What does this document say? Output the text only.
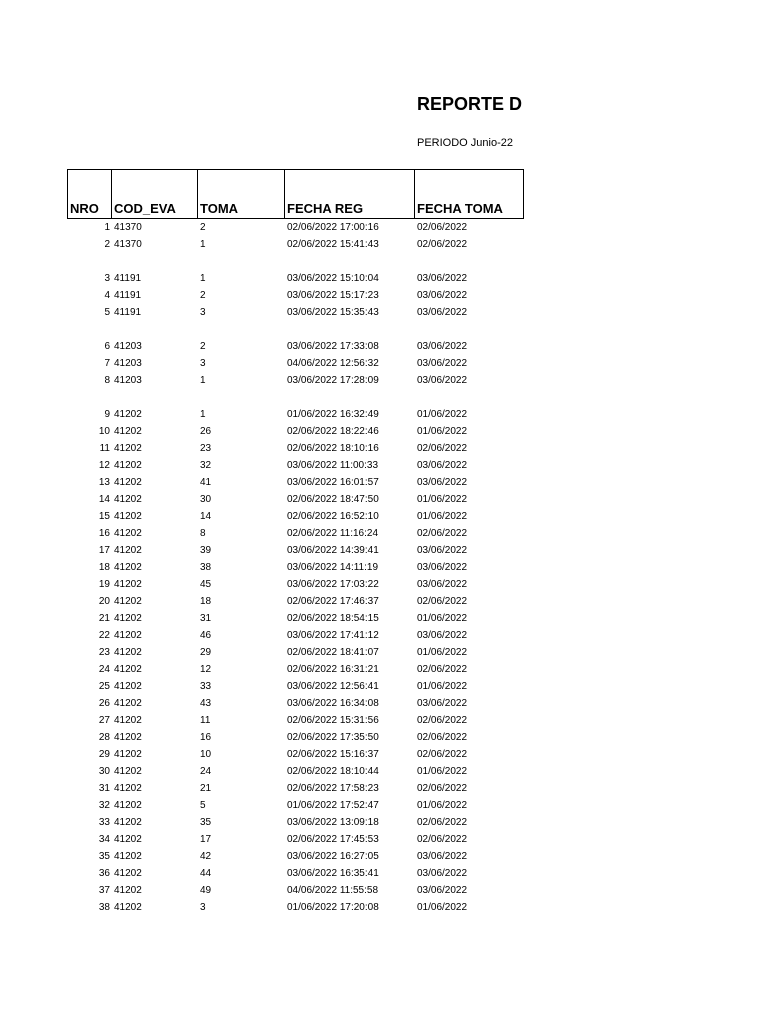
REPORTE D
PERIODO Junio-22
NRO COD_EVA TOMA	FECHA REG	FECHA TOMA
1 41370	2	02/06/2022 17:00:16	02/06/2022
2 41370	1	02/06/2022 15:41:43	02/06/2022
3 41191	1	03/06/2022 15:10:04	03/06/2022
4 41191	2	03/06/2022 15:17:23	03/06/2022
5 41191	3	03/06/2022 15:35:43	03/06/2022
6 41203	2	03/06/2022 17:33:08	03/06/2022
7 41203	3	04/06/2022 12:56:32	03/06/2022
8 41203	1	03/06/2022 17:28:09	03/06/2022
9 41202	1	01/06/2022 16:32:49	01/06/2022
10 41202	26	02/06/2022 18:22:46	01/06/2022
11 41202	23	02/06/2022 18:10:16	02/06/2022
12 41202	32	03/06/2022 11:00:33	03/06/2022
13 41202	41	03/06/2022 16:01:57	03/06/2022
14 41202	30	02/06/2022 18:47:50	01/06/2022
15 41202	14	02/06/2022 16:52:10	01/06/2022
16 41202	8	02/06/2022 11:16:24	02/06/2022
17 41202	39	03/06/2022 14:39:41	03/06/2022
18 41202	38	03/06/2022 14:11:19	03/06/2022
19 41202	45	03/06/2022 17:03:22	03/06/2022
20 41202	18	02/06/2022 17:46:37	02/06/2022
21 41202	31	02/06/2022 18:54:15	01/06/2022
22 41202	46	03/06/2022 17:41:12	03/06/2022
23 41202	29	02/06/2022 18:41:07	01/06/2022
24 41202	12	02/06/2022 16:31:21	02/06/2022
25 41202	33	03/06/2022 12:56:41	01/06/2022
26 41202	43	03/06/2022 16:34:08	03/06/2022
27 41202	11	02/06/2022 15:31:56	02/06/2022
28 41202	16	02/06/2022 17:35:50	02/06/2022
29 41202	10	02/06/2022 15:16:37	02/06/2022
30 41202	24	02/06/2022 18:10:44	01/06/2022
31 41202	21	02/06/2022 17:58:23	02/06/2022
32 41202	5	01/06/2022 17:52:47	01/06/2022
33 41202	35	03/06/2022 13:09:18	02/06/2022
34 41202	17	02/06/2022 17:45:53	02/06/2022
35 41202	42	03/06/2022 16:27:05	03/06/2022
36 41202	44	03/06/2022 16:35:41	03/06/2022
37 41202	49	04/06/2022 11:55:58	03/06/2022
38 41202	3	01/06/2022 17:20:08	01/06/2022
